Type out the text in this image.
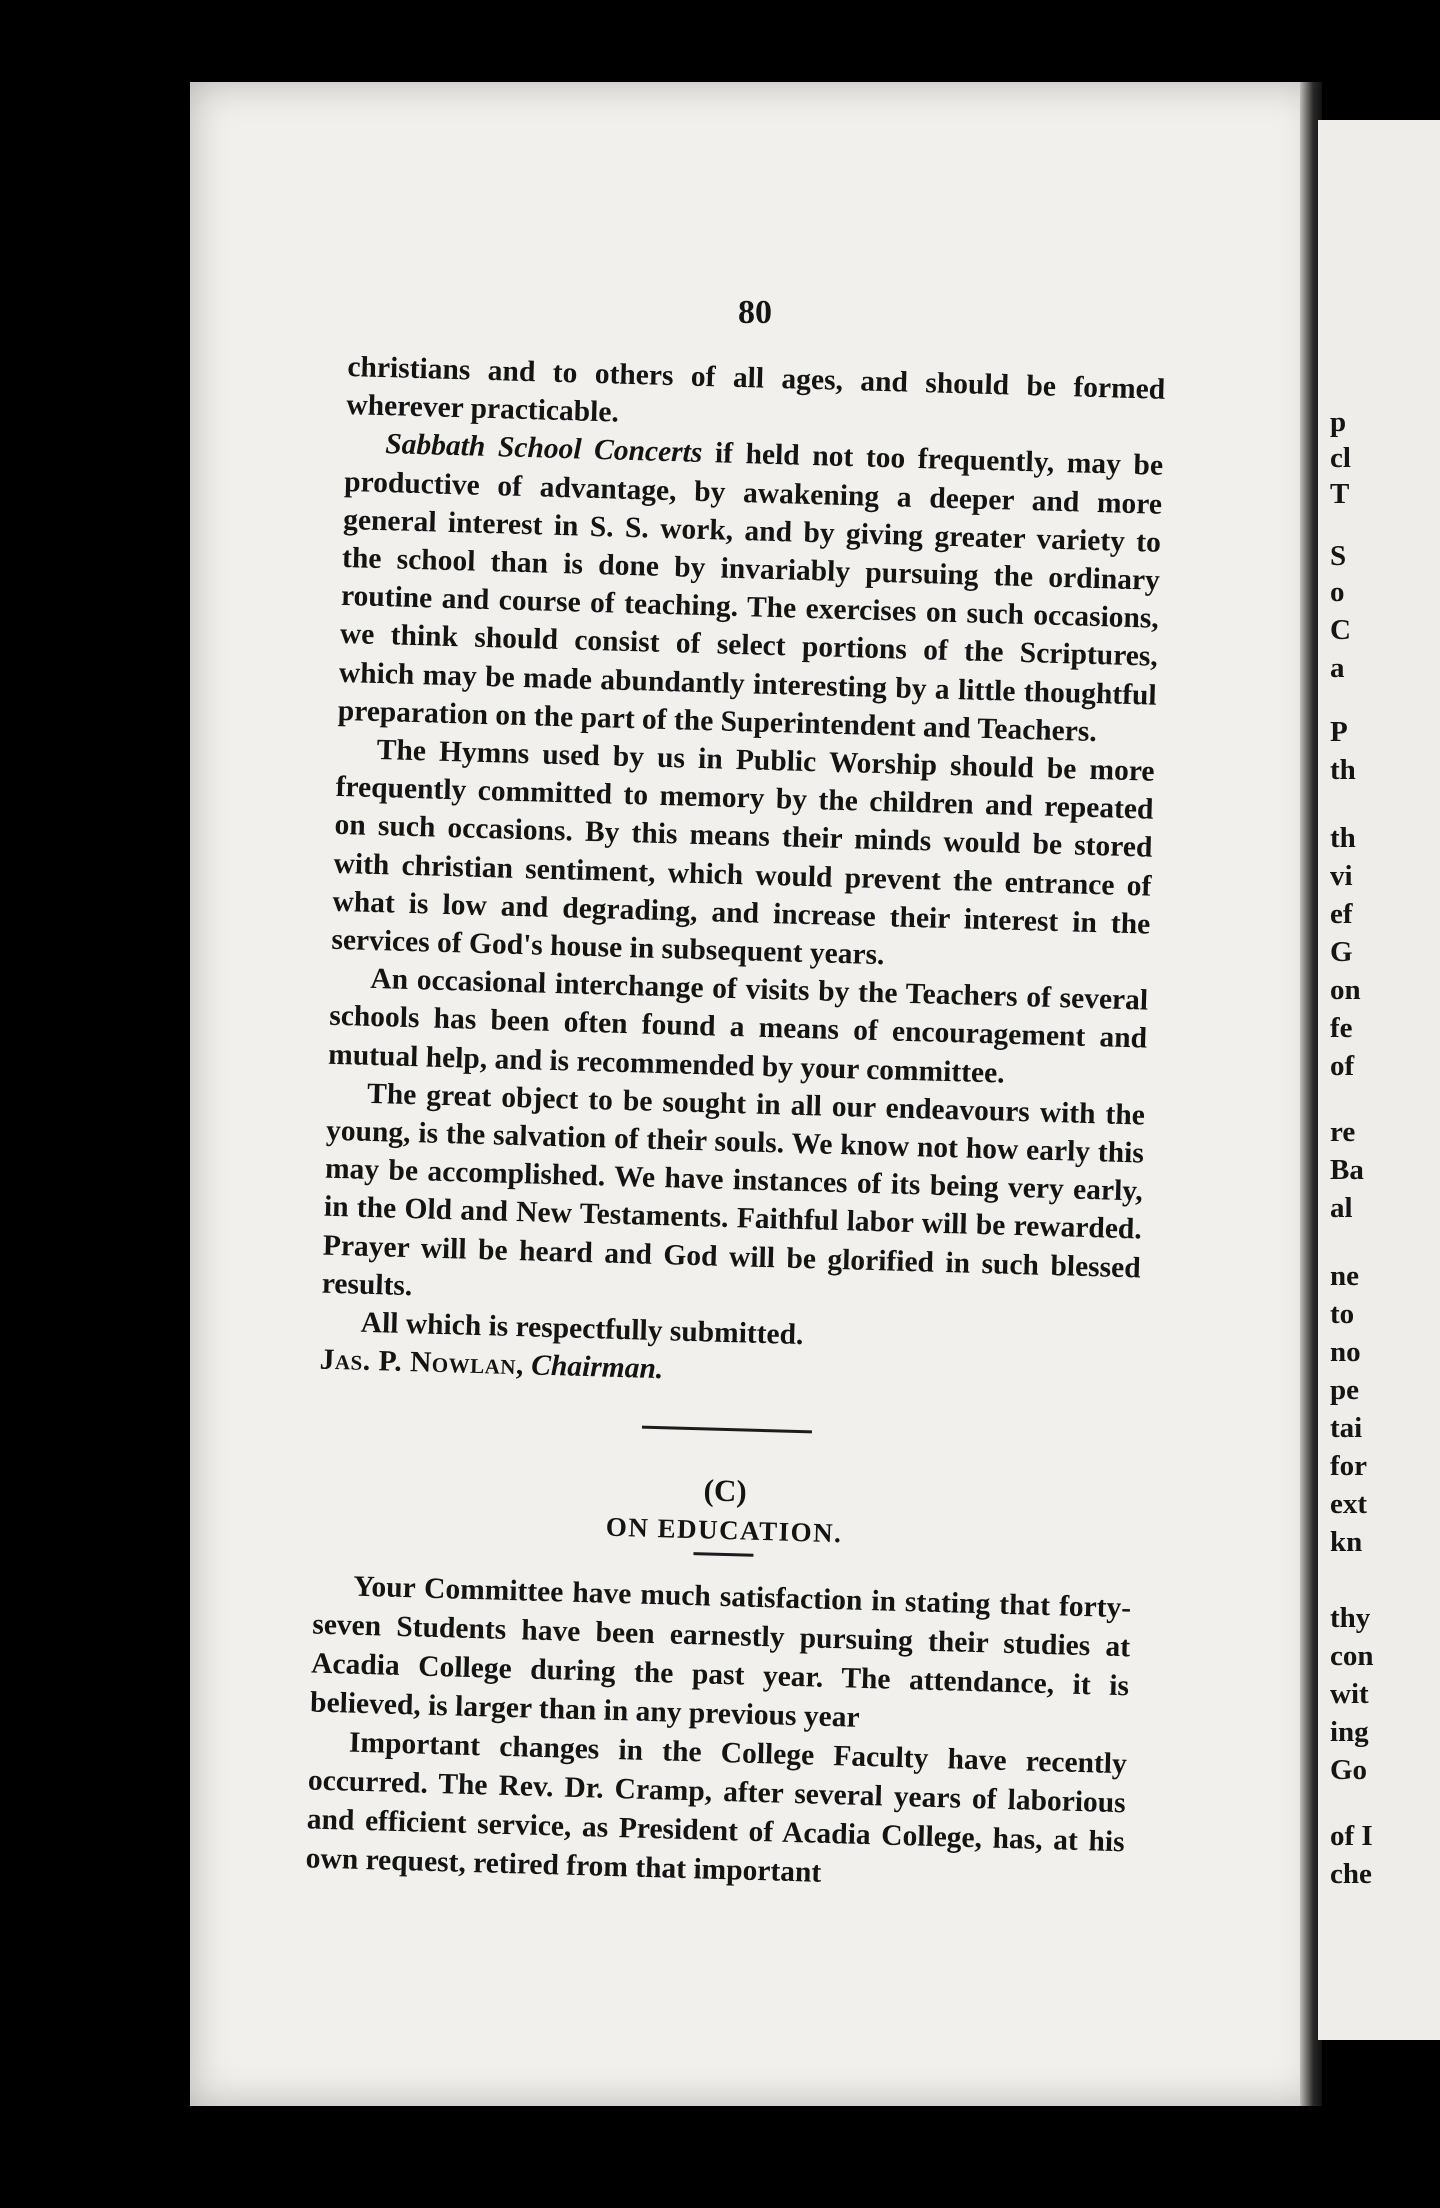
80

christians and to others of all ages, and should be formed wherever practicable.

Sabbath School Concerts if held not too frequently, may be productive of advantage, by awakening a deeper and more general interest in S. S. work, and by giving greater variety to the school than is done by invariably pursuing the ordinary routine and course of teaching. The exercises on such occasions, we think should consist of select portions of the Scriptures, which may be made abundantly interesting by a little thoughtful preparation on the part of the Superintendent and Teachers.

The Hymns used by us in Public Worship should be more frequently committed to memory by the children and repeated on such occasions. By this means their minds would be stored with christian sentiment, which would prevent the entrance of what is low and degrading, and increase their interest in the services of God's house in subsequent years.

An occasional interchange of visits by the Teachers of several schools has been often found a means of encouragement and mutual help, and is recommended by your committee.

The great object to be sought in all our endeavours with the young, is the salvation of their souls. We know not how early this may be accomplished. We have instances of its being very early, in the Old and New Testaments. Faithful labor will be rewarded. Prayer will be heard and God will be glorified in such blessed results.

All which is respectfully submitted.

Jas. P. Nowlan, Chairman.

(C)
ON EDUCATION.

Your Committee have much satisfaction in stating that forty-seven Students have been earnestly pursuing their studies at Acadia College during the past year. The attendance, it is believed, is larger than in any previous year

Important changes in the College Faculty have recently occurred. The Rev. Dr. Cramp, after several years of laborious and efficient service, as President of Acadia College, has, at his own request, retired from that important

p
cl
T
S
o
C
a
P
th
th
vi
ef
G
on
fe
of
re
Ba
al
ne
to
no
pe
tai
for
ext
kn
thy
con
wit
ing
Go
of I
che
